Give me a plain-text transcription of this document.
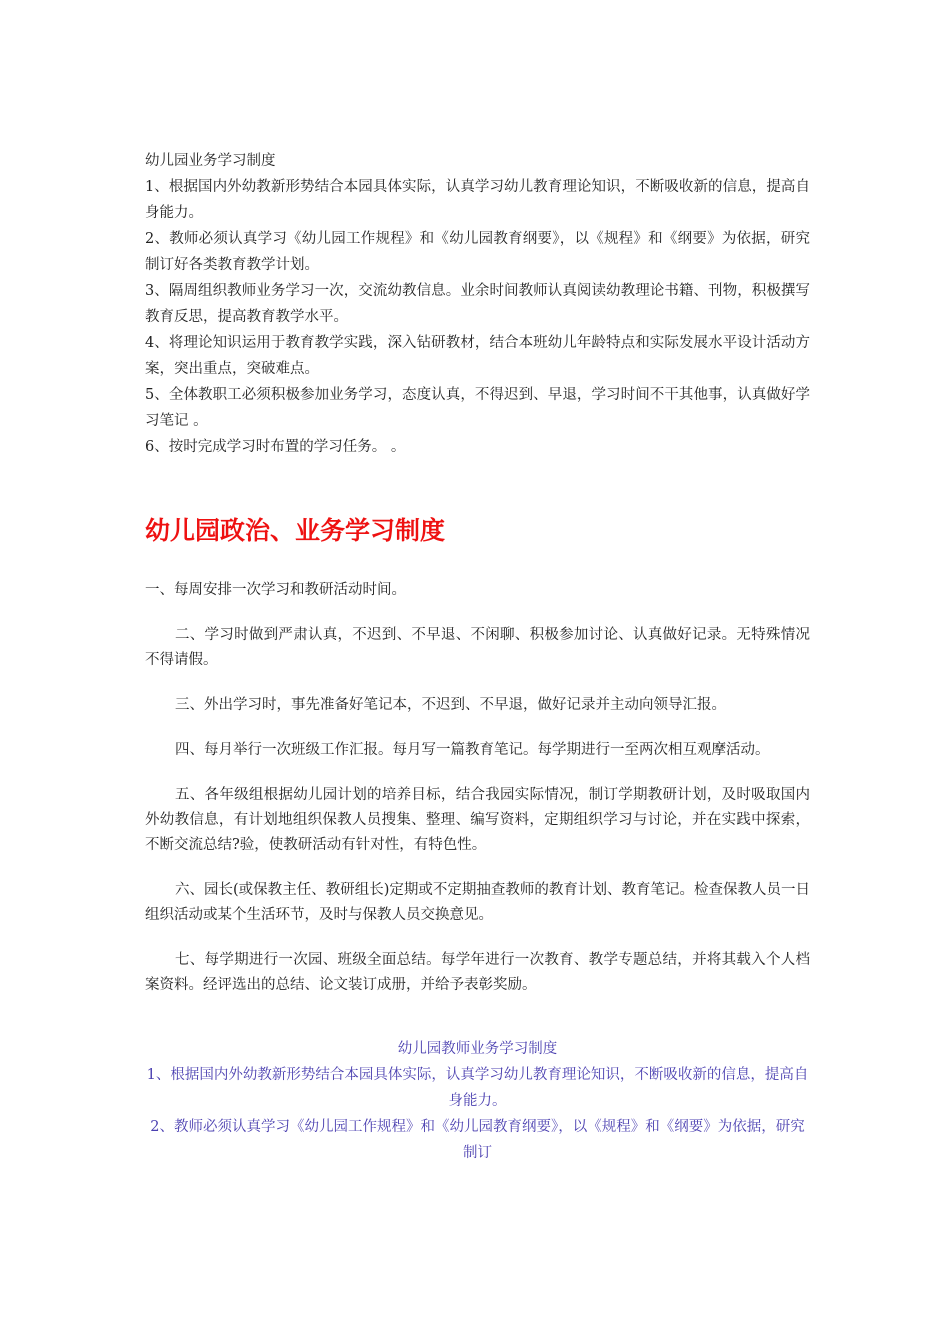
幼儿园业务学习制度

1、根据国内外幼教新形势结合本园具体实际，认真学习幼儿教育理论知识，不断吸收新的信息，提高自身能力。

2、教师必须认真学习《幼儿园工作规程》和《幼儿园教育纲要》，以《规程》和《纲要》为依据，研究制订好各类教育教学计划。

3、隔周组织教师业务学习一次，交流幼教信息。业余时间教师认真阅读幼教理论书籍、刊物，积极撰写教育反思，提高教育教学水平。

4、将理论知识运用于教育教学实践，深入钻研教材，结合本班幼儿年龄特点和实际发展水平设计活动方案，突出重点，突破难点。

5、全体教职工必须积极参加业务学习，态度认真，不得迟到、早退，学习时间不干其他事，认真做好学习笔记 。

6、按时完成学习时布置的学习任务。 。

幼儿园政治、业务学习制度

一、每周安排一次学习和教研活动时间。

二、学习时做到严肃认真，不迟到、不早退、不闲聊、积极参加讨论、认真做好记录。无特殊情况不得请假。

三、外出学习时，事先准备好笔记本，不迟到、不早退，做好记录并主动向领导汇报。

四、每月举行一次班级工作汇报。每月写一篇教育笔记。每学期进行一至两次相互观摩活动。

五、各年级组根据幼儿园计划的培养目标，结合我园实际情况，制订学期教研计划，及时吸取国内外幼教信息，有计划地组织保教人员搜集、整理、编写资料，定期组织学习与讨论，并在实践中探索，不断交流总结?验，使教研活动有针对性，有特色性。

六、园长(或保教主任、教研组长)定期或不定期抽查教师的教育计划、教育笔记。检查保教人员一日组织活动或某个生活环节，及时与保教人员交换意见。

七、每学期进行一次园、班级全面总结。每学年进行一次教育、教学专题总结，并将其载入个人档案资料。经评选出的总结、论文装订成册，并给予表彰奖励。

幼儿园教师业务学习制度

1、根据国内外幼教新形势结合本园具体实际，认真学习幼儿教育理论知识，不断吸收新的信息，提高自身能力。

2、教师必须认真学习《幼儿园工作规程》和《幼儿园教育纲要》，以《规程》和《纲要》为依据，研究制订
